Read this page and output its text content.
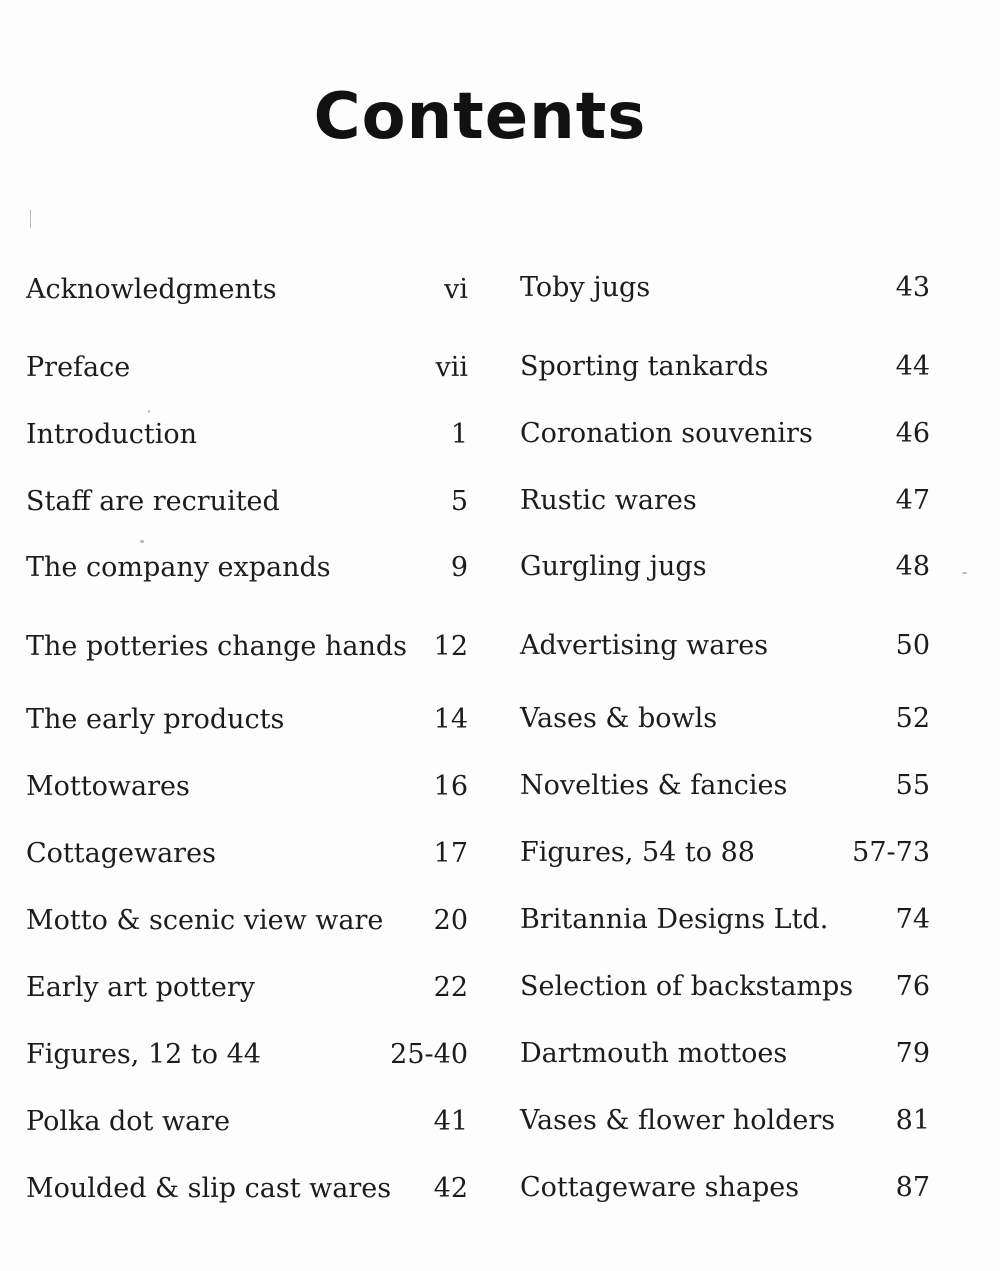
Contents
Acknowledgments	vi
Preface	vii
Introduction	1
Staff are recruited	5
The company expands	9
The potteries change hands 12
The early products	14
Mottowares	16
Cottagewares	17
Motto & scenic view ware 20
Early art pottery	22
Figures, 12 to 44	25-40
Polka dot ware	41
Moulded & slip cast wares 42
Toby jugs	43
Sporting tankards	44
Coronation souvenirs	46
Rustic wares	47
Gurgling jugs	48
Advertising wares	50
Vases & bowls	52
Novelties & fancies	55
Figures, 54 to 88	57-73
Britannia Designs Ltd. 74
Selection of backstamps 76
Dartmouth mottoes	79
Vases & flower holders 81
Cottageware shapes	87
